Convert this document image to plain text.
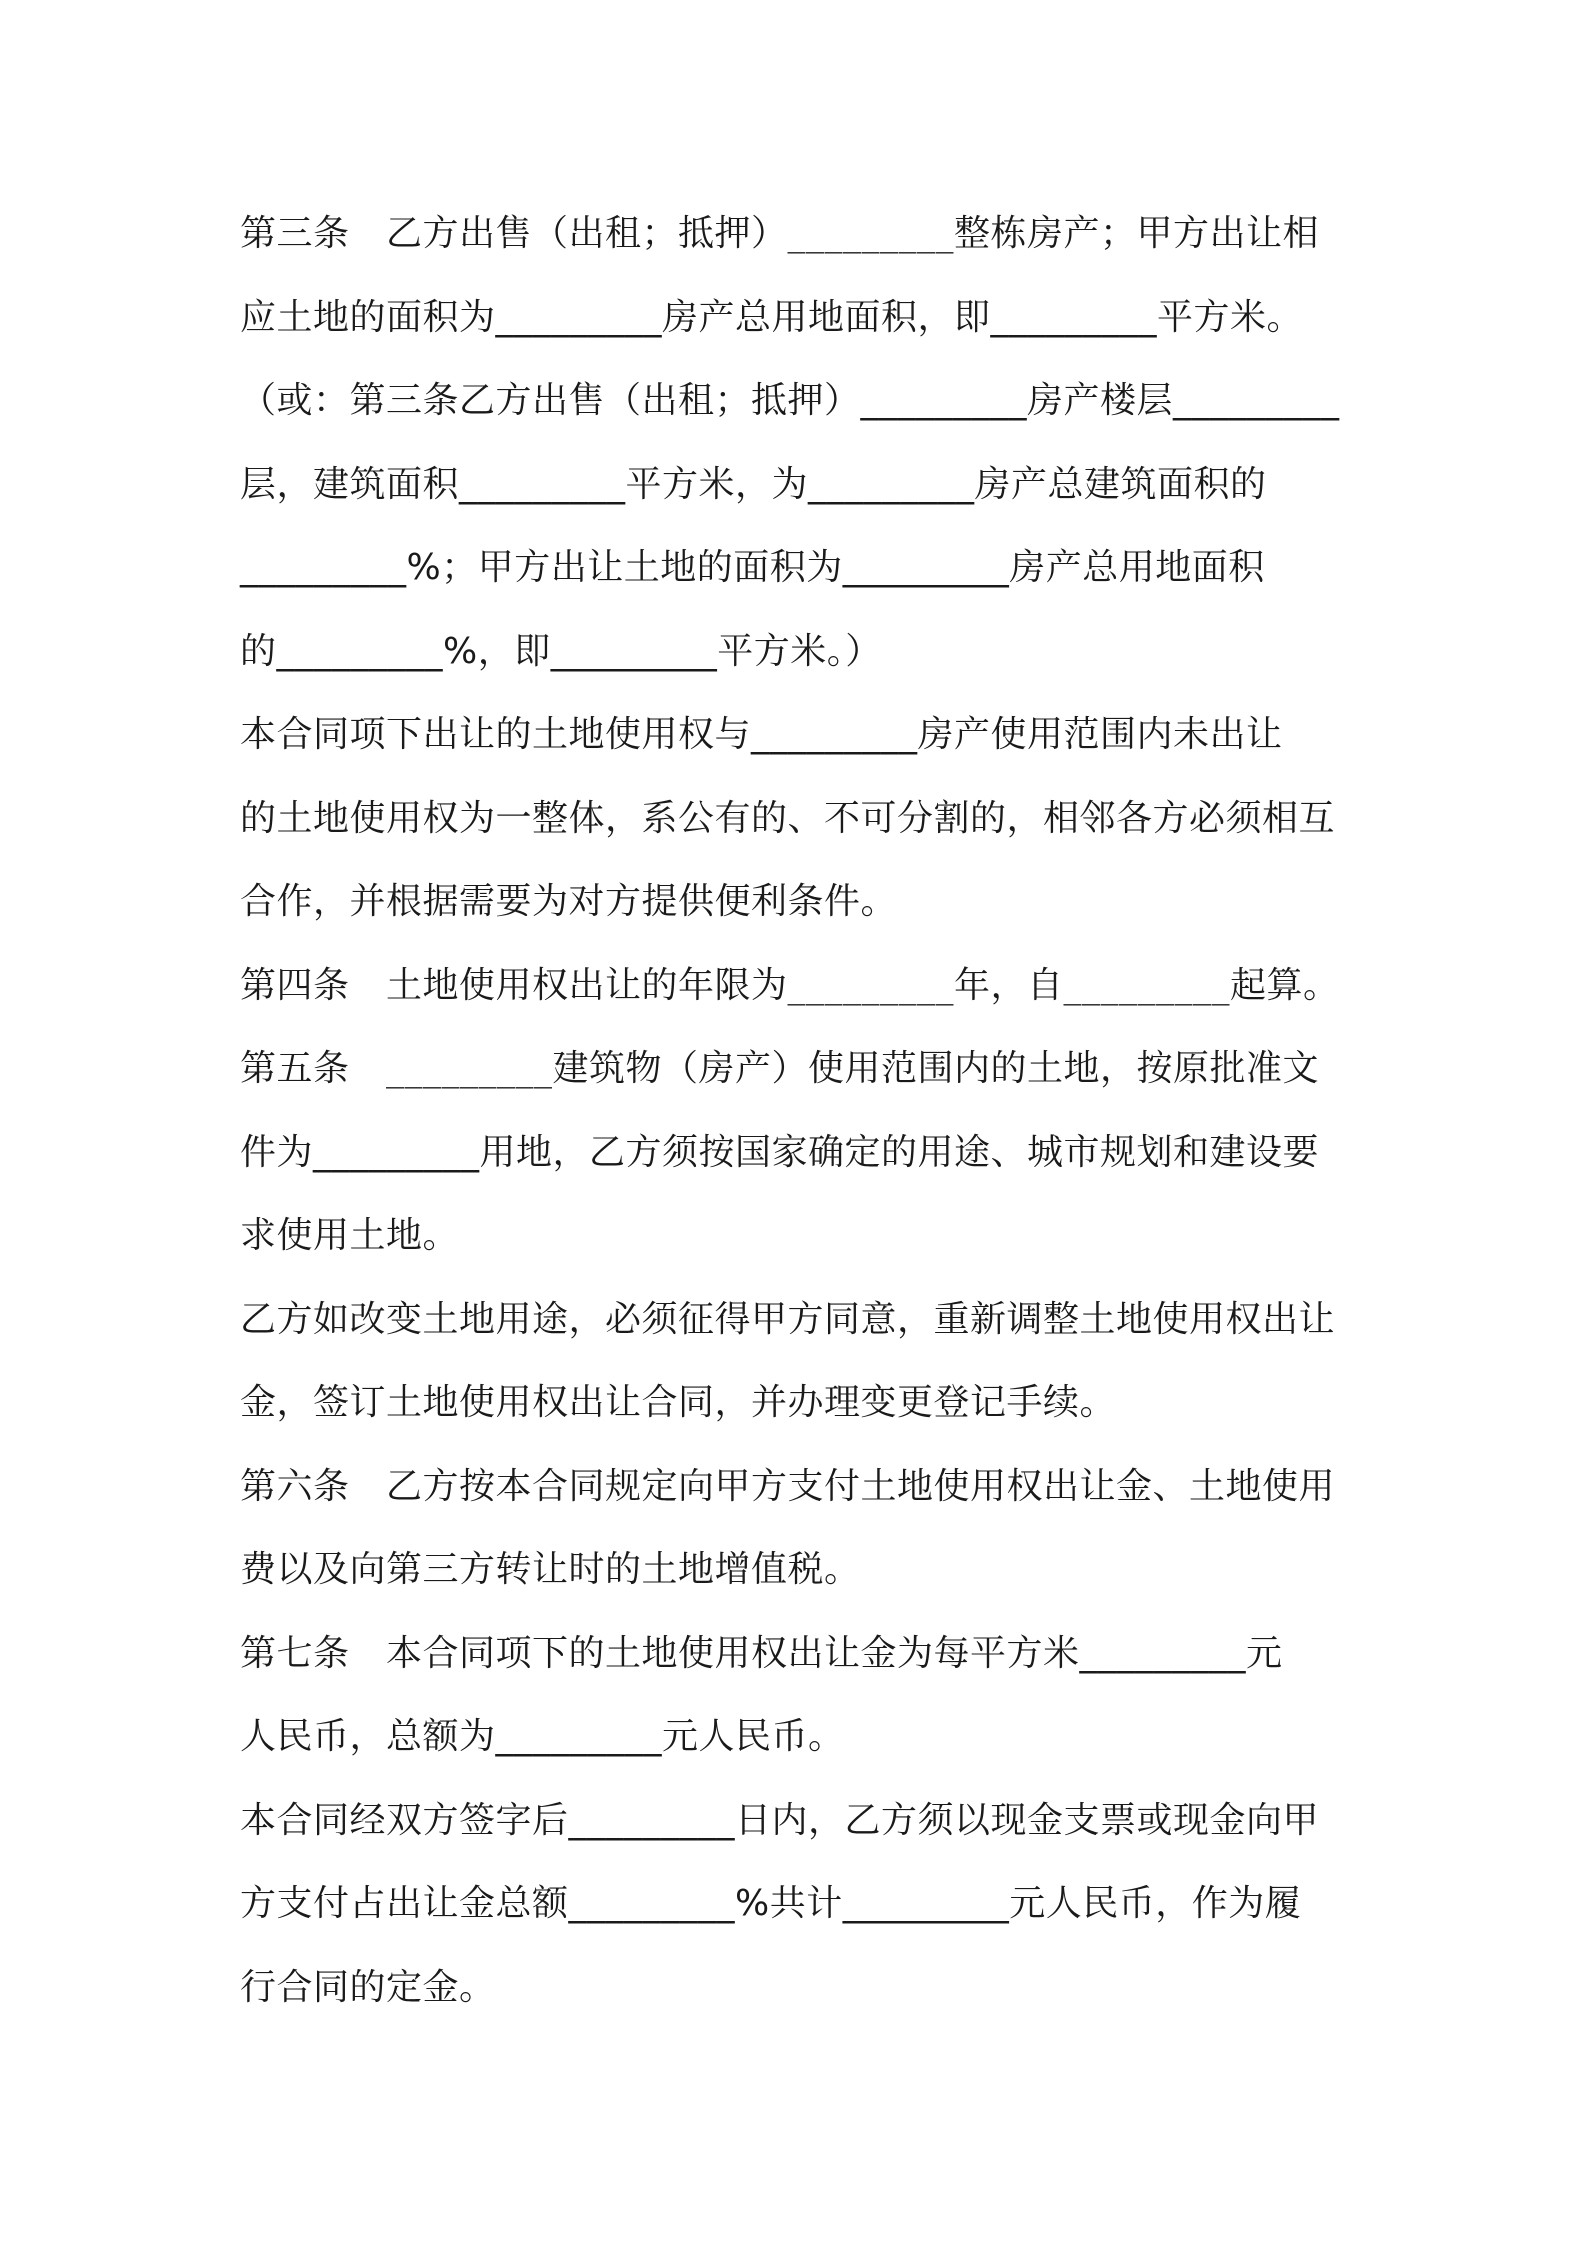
第三条　乙方出售（出租；抵押）_________整栋房产；甲方出让相
应土地的面积为_________房产总用地面积，即_________平方米。
（或：第三条乙方出售（出租；抵押）_________房产楼层_________
层，建筑面积_________平方米，为_________房产总建筑面积的
_________%；甲方出让土地的面积为_________房产总用地面积
的_________%，即_________平方米。）
本合同项下出让的土地使用权与_________房产使用范围内未出让
的土地使用权为一整体，系公有的、不可分割的，相邻各方必须相互
合作，并根据需要为对方提供便利条件。
第四条　土地使用权出让的年限为_________年，自_________起算。
第五条　_________建筑物（房产）使用范围内的土地，按原批准文
件为_________用地，乙方须按国家确定的用途、城市规划和建设要
求使用土地。
乙方如改变土地用途，必须征得甲方同意，重新调整土地使用权出让
金，签订土地使用权出让合同，并办理变更登记手续。
第六条　乙方按本合同规定向甲方支付土地使用权出让金、土地使用
费以及向第三方转让时的土地增值税。
第七条　本合同项下的土地使用权出让金为每平方米_________元
人民币，总额为_________元人民币。
本合同经双方签字后_________日内，乙方须以现金支票或现金向甲
方支付占出让金总额_________%共计_________元人民币，作为履
行合同的定金。
